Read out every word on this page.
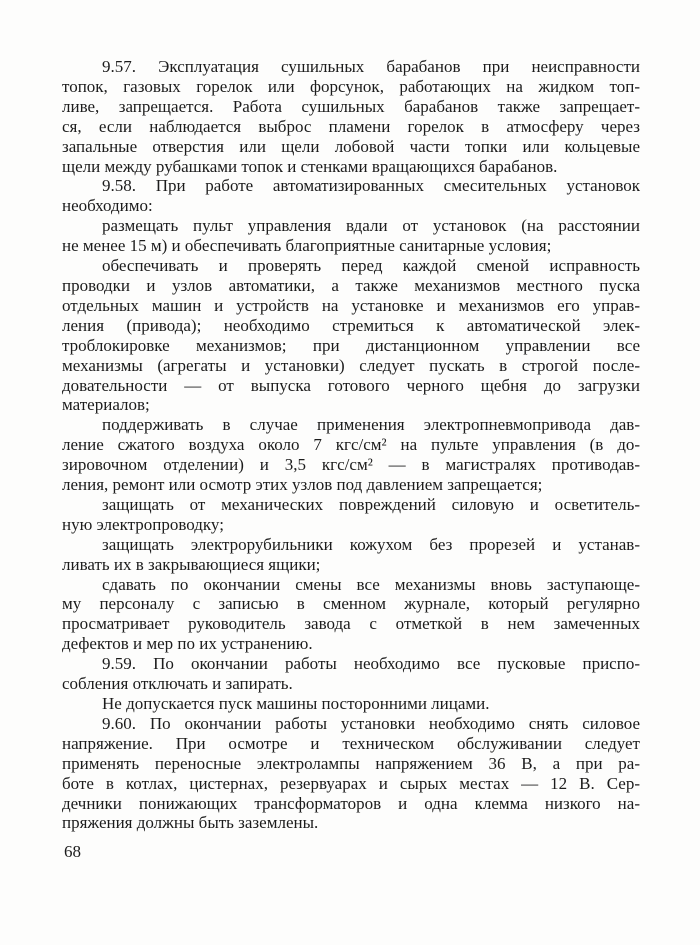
9.57. Эксплуатация сушильных барабанов при неисправности
топок, газовых горелок или форсунок, работающих на жидком топ-
ливе, запрещается. Работа сушильных барабанов также запрещает-
ся, если наблюдается выброс пламени горелок в атмосферу через
запальные отверстия или щели лобовой части топки или кольцевые
щели между рубашками топок и стенками вращающихся барабанов.

9.58. При работе автоматизированных смесительных установок
необходимо:

размещать пульт управления вдали от установок (на расстоянии
не менее 15 м) и обеспечивать благоприятные санитарные условия;

обеспечивать и проверять перед каждой сменой исправность
проводки и узлов автоматики, а также механизмов местного пуска
отдельных машин и устройств на установке и механизмов его управ-
ления (привода); необходимо стремиться к автоматической элек-
троблокировке механизмов; при дистанционном управлении все
механизмы (агрегаты и установки) следует пускать в строгой после-
довательности — от выпуска готового черного щебня до загрузки
материалов;

поддерживать в случае применения электропневмопривода дав-
ление сжатого воздуха около 7 кгс/см² на пульте управления (в до-
зировочном отделении) и 3,5 кгс/см² — в магистралях противодав-
ления, ремонт или осмотр этих узлов под давлением запрещается;

защищать от механических повреждений силовую и осветитель-
ную электропроводку;

защищать электрорубильники кожухом без прорезей и устанав-
ливать их в закрывающиеся ящики;

сдавать по окончании смены все механизмы вновь заступающе-
му персоналу с записью в сменном журнале, который регулярно
просматривает руководитель завода с отметкой в нем замеченных
дефектов и мер по их устранению.

9.59. По окончании работы необходимо все пусковые приспо-
собления отключать и запирать.

Не допускается пуск машины посторонними лицами.

9.60. По окончании работы установки необходимо снять силовое
напряжение. При осмотре и техническом обслуживании следует
применять переносные электролампы напряжением 36 В, а при ра-
боте в котлах, цистернах, резервуарах и сырых местах — 12 В. Сер-
дечники понижающих трансформаторов и одна клемма низкого на-
пряжения должны быть заземлены.

68
